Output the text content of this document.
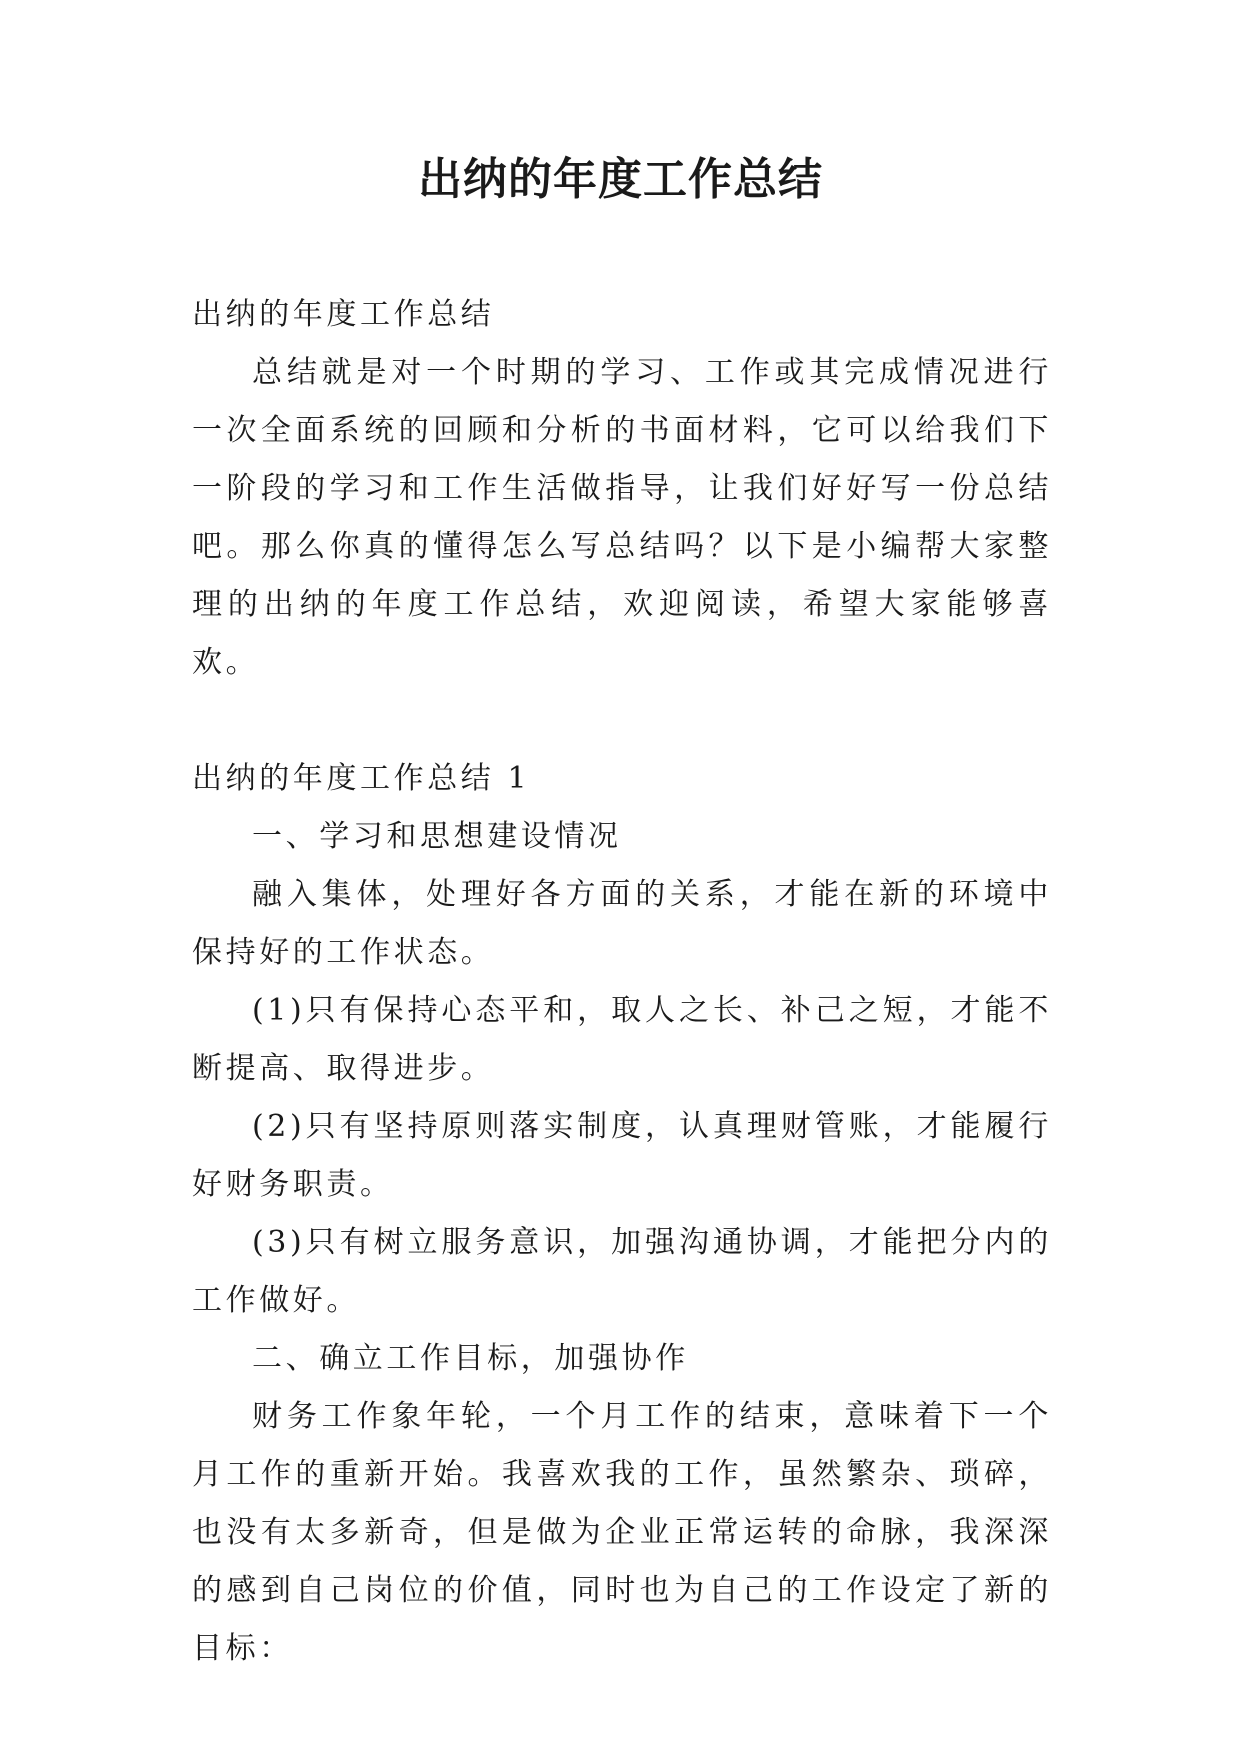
出纳的年度工作总结

出纳的年度工作总结

总结就是对一个时期的学习、工作或其完成情况进行一次全面系统的回顾和分析的书面材料，它可以给我们下一阶段的学习和工作生活做指导，让我们好好写一份总结吧。那么你真的懂得怎么写总结吗？以下是小编帮大家整理的出纳的年度工作总结，欢迎阅读，希望大家能够喜欢。

出纳的年度工作总结 1

一、学习和思想建设情况

融入集体，处理好各方面的关系，才能在新的环境中保持好的工作状态。

(1)只有保持心态平和，取人之长、补己之短，才能不断提高、取得进步。

(2)只有坚持原则落实制度，认真理财管账，才能履行好财务职责。

(3)只有树立服务意识，加强沟通协调，才能把分内的工作做好。

二、确立工作目标，加强协作

财务工作象年轮，一个月工作的结束，意味着下一个月工作的重新开始。我喜欢我的工作，虽然繁杂、琐碎，也没有太多新奇，但是做为企业正常运转的命脉，我深深的感到自己岗位的价值，同时也为自己的工作设定了新的目标：
